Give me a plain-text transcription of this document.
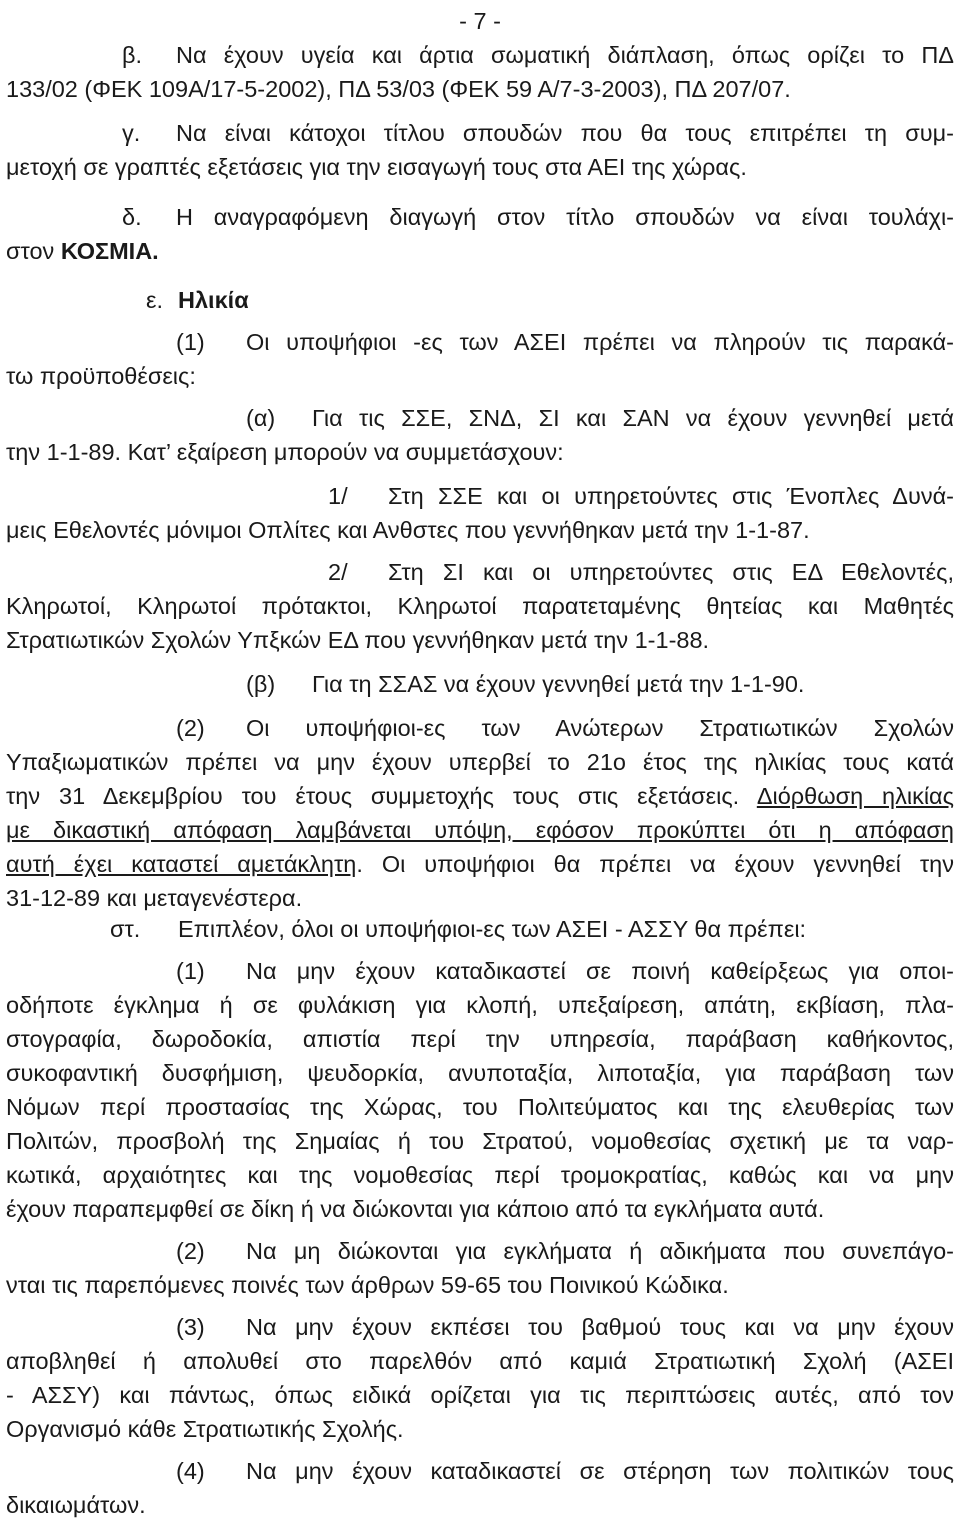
- 7 -
β. Να έχουν υγεία και άρτια σωματική διάπλαση, όπως ορίζει το ΠΔ
133/02 (ΦΕΚ 109Α/17-5-2002), ΠΔ 53/03 (ΦΕΚ 59 Α/7-3-2003), ΠΔ 207/07.
γ. Να είναι κάτοχοι τίτλου σπουδών που θα τους επιτρέπει τη συμ-
μετοχή σε γραπτές εξετάσεις για την εισαγωγή τους στα ΑΕΙ της χώρας.
δ. Η αναγραφόμενη διαγωγή στον τίτλο σπουδών να είναι τουλάχι-
στον ΚΟΣΜΙΑ.
ε. Ηλικία
(1) Οι υποψήφιοι -ες των ΑΣΕΙ πρέπει να πληρούν τις παρακά-
τω προϋποθέσεις:
(α) Για τις ΣΣΕ, ΣΝΔ, ΣΙ και ΣΑΝ να έχουν γεννηθεί μετά
την 1-1-89. Κατ’ εξαίρεση μπορούν να συμμετάσχουν:
1/ Στη ΣΣΕ και οι υπηρετούντες στις Ένοπλες Δυνά-
μεις Εθελοντές μόνιμοι Οπλίτες και Ανθστες που γεννήθηκαν μετά την 1-1-87.
2/ Στη ΣΙ και οι υπηρετούντες στις ΕΔ Εθελοντές,
Κληρωτοί, Κληρωτοί πρότακτοι, Κληρωτοί παρατεταμένης θητείας και Μαθητές
Στρατιωτικών Σχολών Υπξκών ΕΔ που γεννήθηκαν μετά την 1-1-88.
(β) Για τη ΣΣΑΣ να έχουν γεννηθεί μετά την 1-1-90.
(2) Οι υποψήφιοι-ες των Ανώτερων Στρατιωτικών Σχολών
Υπαξιωματικών πρέπει να μην έχουν υπερβεί το 21ο έτος της ηλικίας τους κατά
την 31 Δεκεμβρίου του έτους συμμετοχής τους στις εξετάσεις. Διόρθωση ηλικίας
με δικαστική απόφαση λαμβάνεται υπόψη, εφόσον προκύπτει ότι η απόφαση
αυτή έχει καταστεί αμετάκλητη. Οι υποψήφιοι θα πρέπει να έχουν γεννηθεί την
31-12-89 και μεταγενέστερα.
στ. Επιπλέον, όλοι οι υποψήφιοι-ες των ΑΣΕΙ - ΑΣΣΥ θα πρέπει:
(1) Να μην έχουν καταδικαστεί σε ποινή καθείρξεως για οποι-
οδήποτε έγκλημα ή σε φυλάκιση για κλοπή, υπεξαίρεση, απάτη, εκβίαση, πλα-
στογραφία, δωροδοκία, απιστία περί την υπηρεσία, παράβαση καθήκοντος,
συκοφαντική δυσφήμιση, ψευδορκία, ανυποταξία, λιποταξία, για παράβαση των
Νόμων περί προστασίας της Χώρας, του Πολιτεύματος και της ελευθερίας των
Πολιτών, προσβολή της Σημαίας ή του Στρατού, νομοθεσίας σχετική με τα ναρ-
κωτικά, αρχαιότητες και της νομοθεσίας περί τρομοκρατίας, καθώς και να μην
έχουν παραπεμφθεί σε δίκη ή να διώκονται για κάποιο από τα εγκλήματα αυτά.
(2) Να μη διώκονται για εγκλήματα ή αδικήματα που συνεπάγο-
νται τις παρεπόμενες ποινές των άρθρων 59-65 του Ποινικού Κώδικα.
(3) Να μην έχουν εκπέσει του βαθμού τους και να μην έχουν
αποβληθεί ή απολυθεί στο παρελθόν από καμιά Στρατιωτική Σχολή (ΑΣΕΙ
- ΑΣΣΥ) και πάντως, όπως ειδικά ορίζεται για τις περιπτώσεις αυτές, από τον
Οργανισμό κάθε Στρατιωτικής Σχολής.
(4) Να μην έχουν καταδικαστεί σε στέρηση των πολιτικών τους
δικαιωμάτων.
